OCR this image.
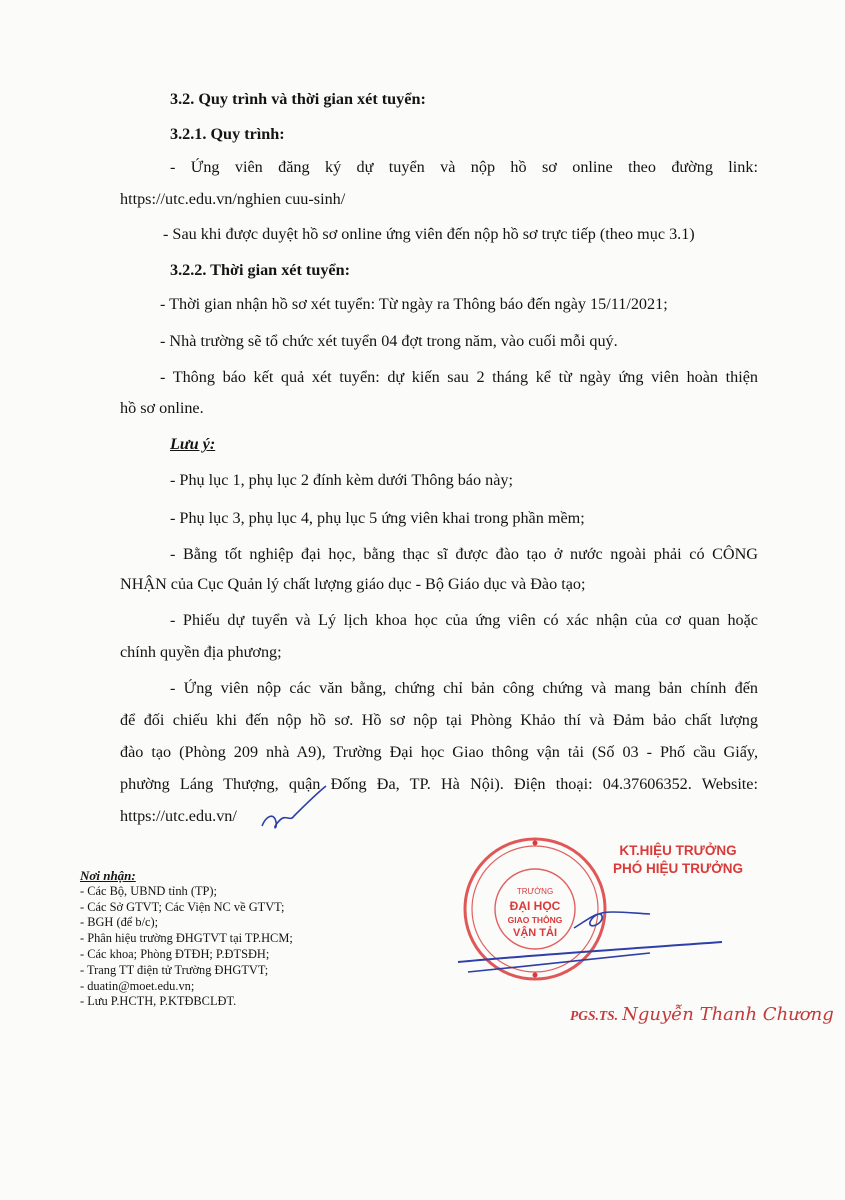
3.2. Quy trình và thời gian xét tuyển:
3.2.1. Quy trình:
- Ứng viên đăng ký dự tuyển và nộp hồ sơ online theo đường link:
https://utc.edu.vn/nghien cuu-sinh/
- Sau khi được duyệt hồ sơ online ứng viên đến nộp hồ sơ trực tiếp (theo mục 3.1)
3.2.2. Thời gian xét tuyển:
- Thời gian nhận hồ sơ xét tuyển: Từ ngày ra Thông báo đến ngày 15/11/2021;
- Nhà trường sẽ tổ chức xét tuyển 04 đợt trong năm, vào cuối mỗi quý.
- Thông báo kết quả xét tuyển: dự kiến sau 2 tháng kể từ ngày ứng viên hoàn thiện
hồ sơ online.
Lưu ý:
- Phụ lục 1, phụ lục 2 đính kèm dưới Thông báo này;
- Phụ lục 3, phụ lục 4, phụ lục 5 ứng viên khai trong phần mềm;
- Bằng tốt nghiệp đại học, bằng thạc sĩ được đào tạo ở nước ngoài phải có CÔNG
NHẬN của Cục Quản lý chất lượng giáo dục - Bộ Giáo dục và Đào tạo;
- Phiếu dự tuyển và Lý lịch khoa học của ứng viên có xác nhận của cơ quan hoặc
chính quyền địa phương;
- Ứng viên nộp các văn bằng, chứng chỉ bản công chứng và mang bản chính đến
để đối chiếu khi đến nộp hồ sơ. Hồ sơ nộp tại Phòng Khảo thí và Đảm bảo chất lượng
đào tạo (Phòng 209 nhà A9), Trường Đại học Giao thông vận tải (Số 03 - Phố cầu Giấy,
phường Láng Thượng, quận Đống Đa, TP. Hà Nội). Điện thoại: 04.37606352. Website:
https://utc.edu.vn/
Nơi nhận:
- Các Bộ, UBND tỉnh (TP);
- Các Sở GTVT; Các Viện NC về GTVT;
- BGH (để b/c);
- Phân hiệu trường ĐHGTVT tại TP.HCM;
- Các khoa; Phòng ĐTĐH; P.ĐTSĐH;
- Trang TT điện tử Trường ĐHGTVT;
- duatin@moet.edu.vn;
- Lưu P.HCTH, P.KTĐBCLĐT.
KT.HIỆU TRƯỞNG
PHÓ HIỆU TRƯỞNG
TRƯỜNG
ĐẠI HỌC
GIAO THÔNG
VẬN TẢI
PGS.TS. Nguyễn Thanh Chương
